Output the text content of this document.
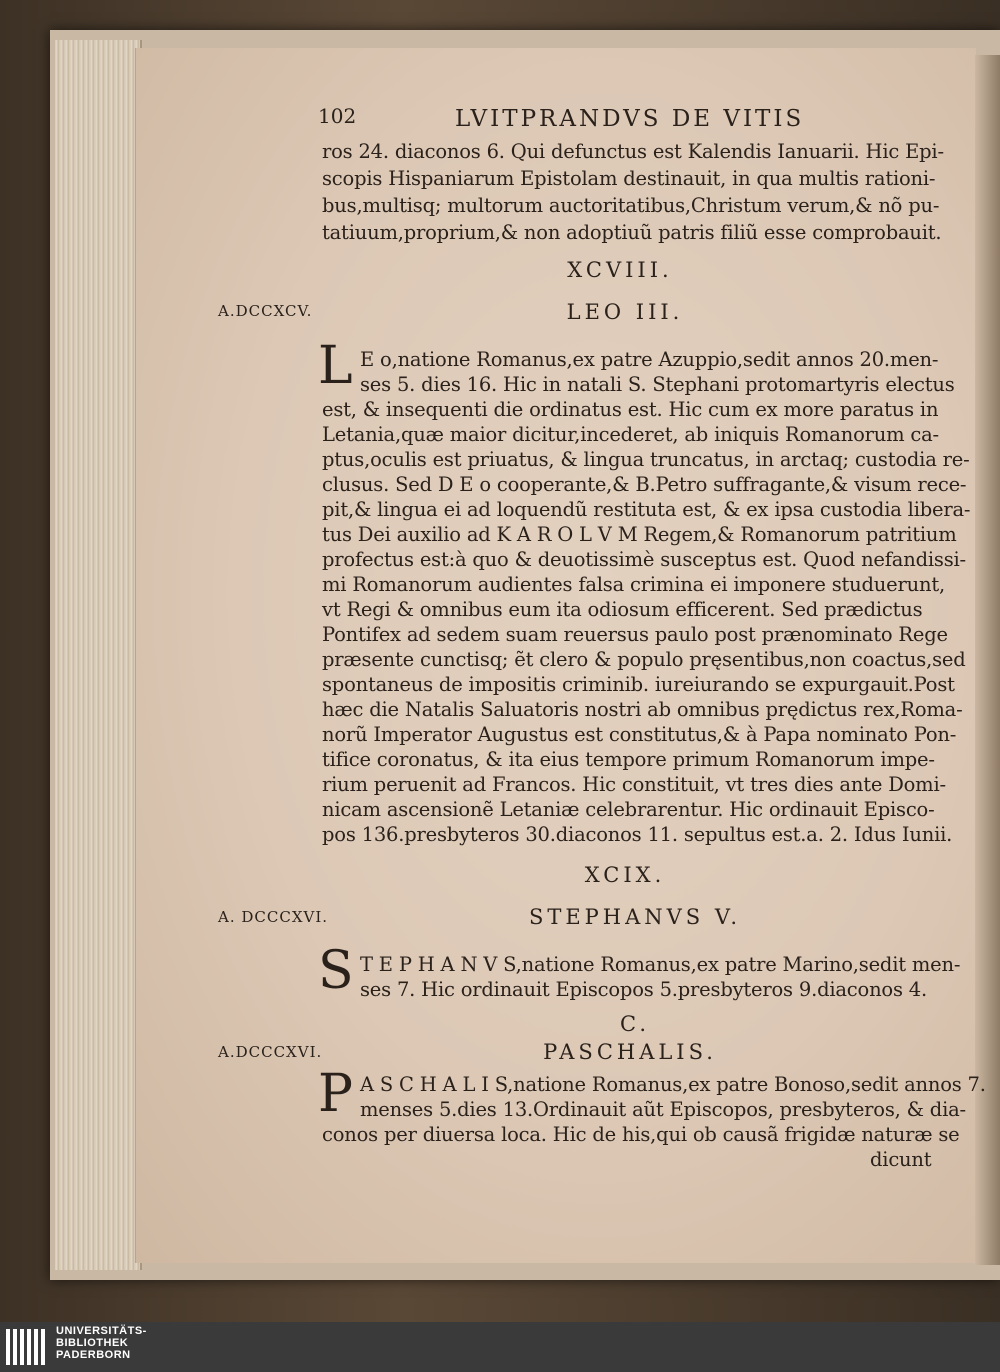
102	LVITPRANDVS DE VITIS
ros 24. diaconos 6. Qui defunctus est Kalendis Ianuarii. Hic Epi-
scopis Hispaniarum Epistolam destinauit, in qua multis rationi-
bus,multisq; multorum auctoritatibus,Christum verum,& nõ pu-
tatiuum,proprium,& non adoptiuũ patris filiũ esse comprobauit.
XCVIII.
A.DCCXCV.	LEO III.
L E o,natione Romanus,ex patre Azuppio,sedit annos 20.men-
ses 5. dies 16. Hic in natali S. Stephani protomartyris electus
est, & insequenti die ordinatus est. Hic cum ex more paratus in
Letania,quæ maior dicitur,incederet, ab iniquis Romanorum ca-
ptus,oculis est priuatus, & lingua truncatus, in arctaq; custodia re-
clusus. Sed D E o cooperante,& B.Petro suffragante,& visum rece-
pit,& lingua ei ad loquendũ restituta est, & ex ipsa custodia libera-
tus Dei auxilio ad K A R O L V M Regem,& Romanorum patritium
profectus est:à quo & deuotissimè susceptus est. Quod nefandissi-
mi Romanorum audientes falsa crimina ei imponere studuerunt,
vt Regi & omnibus eum ita odiosum efficerent. Sed prædictus
Pontifex ad sedem suam reuersus paulo post prænominato Rege
præsente cunctisq; ẽt clero & populo pręsentibus,non coactus,sed
spontaneus de impositis criminib. iureiurando se expurgauit.Post
hæc die Natalis Saluatoris nostri ab omnibus prędictus rex,Roma-
norũ Imperator Augustus est constitutus,& à Papa nominato Pon-
tifice coronatus, & ita eius tempore primum Romanorum impe-
rium peruenit ad Francos. Hic constituit, vt tres dies ante Domi-
nicam ascensionẽ Letaniæ celebrarentur. Hic ordinauit Episco-
pos 136.presbyteros 30.diaconos 11. sepultus est.a. 2. Idus Iunii.
XCIX.
A. DCCCXVI.	STEPHANVS V.
S T E P H A N V S,natione Romanus,ex patre Marino,sedit men-
ses 7. Hic ordinauit Episcopos 5.presbyteros 9.diaconos 4.
C.
A.DCCCXVI.	PASCHALIS.
P A S C H A L I S,natione Romanus,ex patre Bonoso,sedit annos 7.
menses 5.dies 13.Ordinauit aũt Episcopos, presbyteros, & dia-
conos per diuersa loca. Hic de his,qui ob causã frigidæ naturæ se
dicunt
UNIVERSITÄTS-
BIBLIOTHEK
PADERBORN
